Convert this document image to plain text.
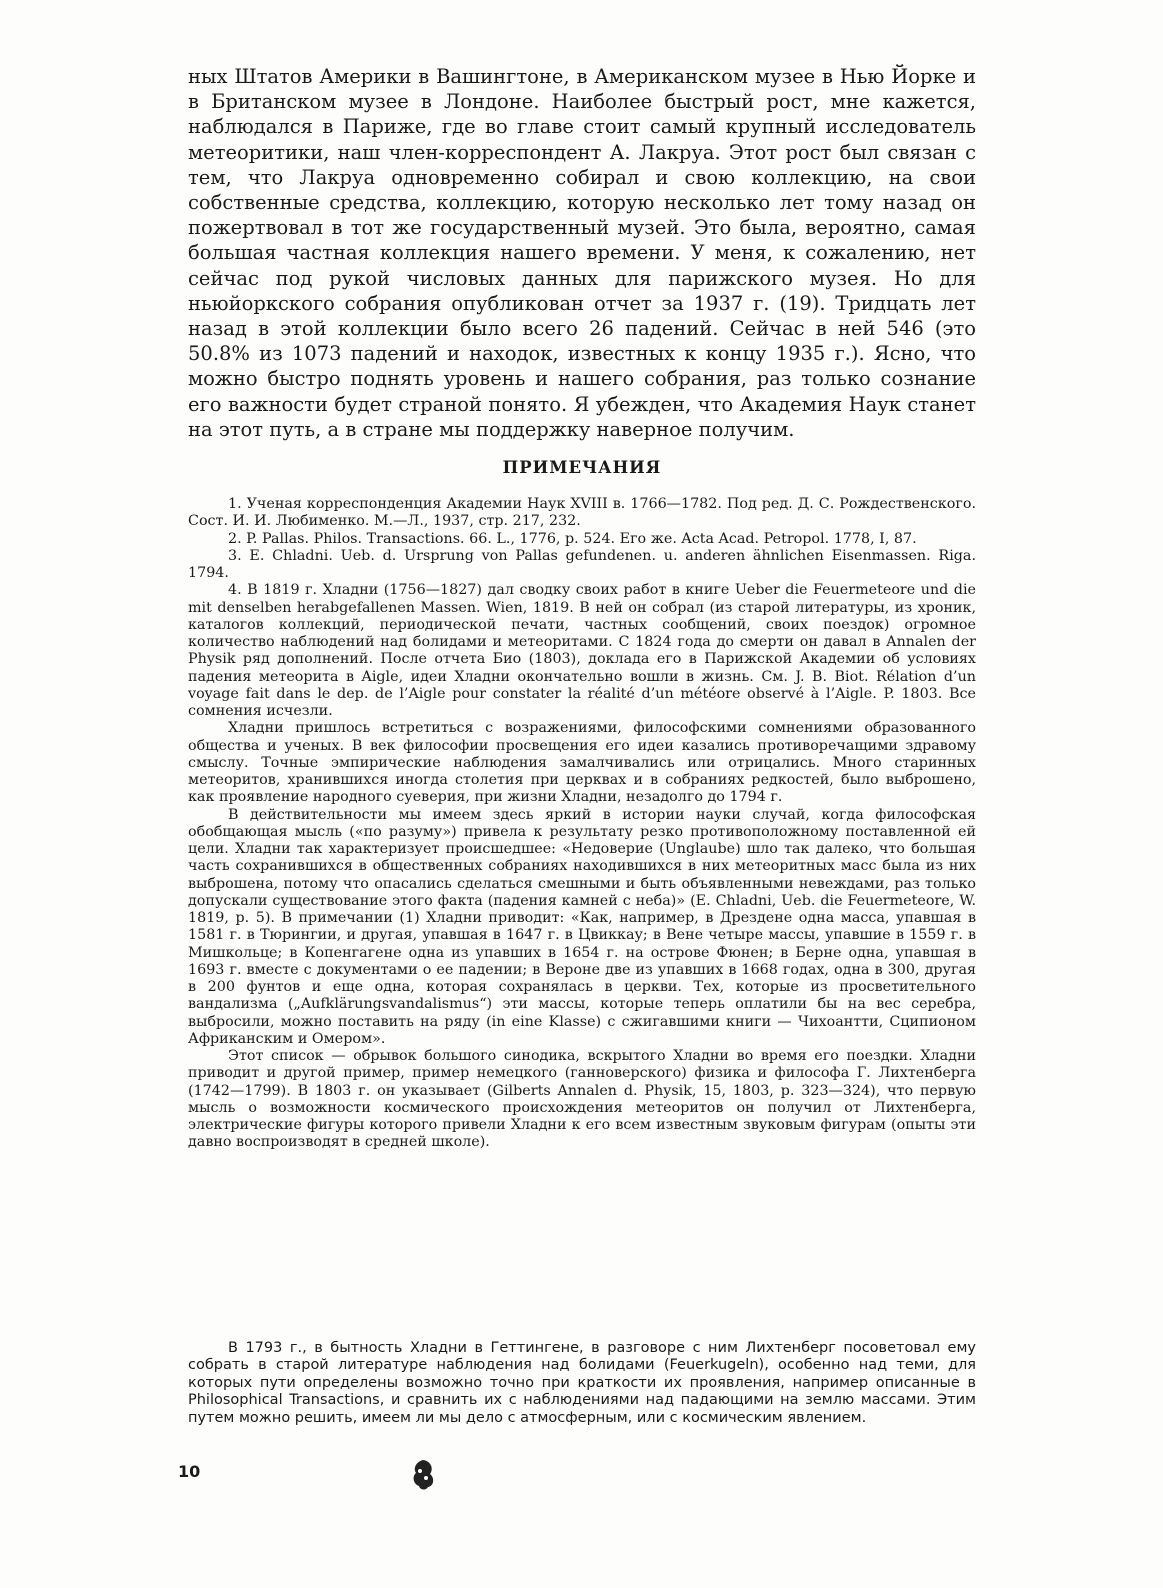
ных Штатов Америки в Вашингтоне, в Американском музее в Нью Йорке и в Британском музее в Лондоне. Наиболее быстрый рост, мне кажется, наблюдался в Париже, где во главе стоит самый крупный исследователь метеоритики, наш член-корреспондент А. Лакруа. Этот рост был связан с тем, что Лакруа одновременно собирал и свою коллекцию, на свои собственные средства, коллекцию, которую несколько лет тому назад он пожертвовал в тот же государственный музей. Это была, вероятно, самая большая частная коллекция нашего времени. У меня, к сожалению, нет сейчас под рукой числовых данных для парижского музея. Но для ньюйоркского собрания опубликован отчет за 1937 г. (19). Тридцать лет назад в этой коллекции было всего 26 падений. Сейчас в ней 546 (это 50.8% из 1073 падений и находок, известных к концу 1935 г.). Ясно, что можно быстро поднять уровень и нашего собрания, раз только сознание его важности будет страной понято. Я убежден, что Академия Наук станет на этот путь, а в стране мы поддержку наверное получим.

ПРИМЕЧАНИЯ

1. Ученая корреспонденция Академии Наук XVIII в. 1766—1782. Под ред. Д. С. Рождественского. Сост. И. И. Любименко. М.—Л., 1937, стр. 217, 232.

2. P. Pallas. Philos. Transactions. 66. L., 1776, p. 524. Его же. Acta Acad. Petropol. 1778, I, 87.

3. E. Chladni. Ueb. d. Ursprung von Pallas gefundenen. u. anderen ähnlichen Eisenmassen. Riga. 1794.

4. В 1819 г. Хладни (1756—1827) дал сводку своих работ в книге Ueber die Feuermeteore und die mit denselben herabgefallenen Massen. Wien, 1819. В ней он собрал (из старой литературы, из хроник, каталогов коллекций, периодической печати, частных сообщений, своих поездок) огромное количество наблюдений над болидами и метеоритами. С 1824 года до смерти он давал в Annalen der Physik ряд дополнений. После отчета Био (1803), доклада его в Парижской Академии об условиях падения метеорита в Aigle, идеи Хладни окончательно вошли в жизнь. См. J. B. Biot. Rélation d’un voyage fait dans le dep. de l’Aigle pour constater la réalité d’un météore observé à l’Aigle. P. 1803. Все сомнения исчезли.

Хладни пришлось встретиться с возражениями, философскими сомнениями образованного общества и ученых. В век философии просвещения его идеи казались противоречащими здравому смыслу. Точные эмпирические наблюдения замалчивались или отрицались. Много старинных метеоритов, хранившихся иногда столетия при церквах и в собраниях редкостей, было выброшено, как проявление народного суеверия, при жизни Хладни, незадолго до 1794 г.

В действительности мы имеем здесь яркий в истории науки случай, когда философская обобщающая мысль («по разуму») привела к результату резко противоположному поставленной ей цели. Хладни так характеризует происшедшее: «Недоверие (Unglaube) шло так далеко, что большая часть сохранившихся в общественных собраниях находившихся в них метеоритных масс была из них выброшена, потому что опасались сделаться смешными и быть объявленными невеждами, раз только допускали существование этого факта (падения камней с неба)» (E. Chladni, Ueb. die Feuermeteore, W. 1819, p. 5). В примечании (1) Хладни приводит: «Как, например, в Дрездене одна масса, упавшая в 1581 г. в Тюрингии, и другая, упавшая в 1647 г. в Цвиккау; в Вене четыре массы, упавшие в 1559 г. в Мишкольце; в Копенгагене одна из упавших в 1654 г. на острове Фюнен; в Берне одна, упавшая в 1693 г. вместе с документами о ее падении; в Вероне две из упавших в 1668 годах, одна в 300, другая в 200 фунтов и еще одна, которая сохранялась в церкви. Тех, которые из просветительного вандализма („Aufklärungsvandalismus“) эти массы, которые теперь оплатили бы на вес серебра, выбросили, можно поставить на ряду (in eine Klasse) с сжигавшими книги — Чихоантти, Сципионом Африканским и Омером».

Этот список — обрывок большого синодика, вскрытого Хладни во время его поездки. Хладни приводит и другой пример, пример немецкого (ганноверского) физика и философа Г. Лихтенберга (1742—1799). В 1803 г. он указывает (Gilberts Annalen d. Physik, 15, 1803, p. 323—324), что первую мысль о возможности космического происхождения метеоритов он получил от Лихтенберга, электрические фигуры которого привели Хладни к его всем известным звуковым фигурам (опыты эти давно воспроизводят в средней школе).

В 1793 г., в бытность Хладни в Геттингене, в разговоре с ним Лихтенберг посоветовал ему собрать в старой литературе наблюдения над болидами (Feuerkugeln), особенно над теми, для которых пути определены возможно точно при краткости их проявления, например описанные в Philosophical Transactions, и сравнить их с наблюдениями над падающими на землю массами. Этим путем можно решить, имеем ли мы дело с атмосферным, или с космическим явлением.

10
